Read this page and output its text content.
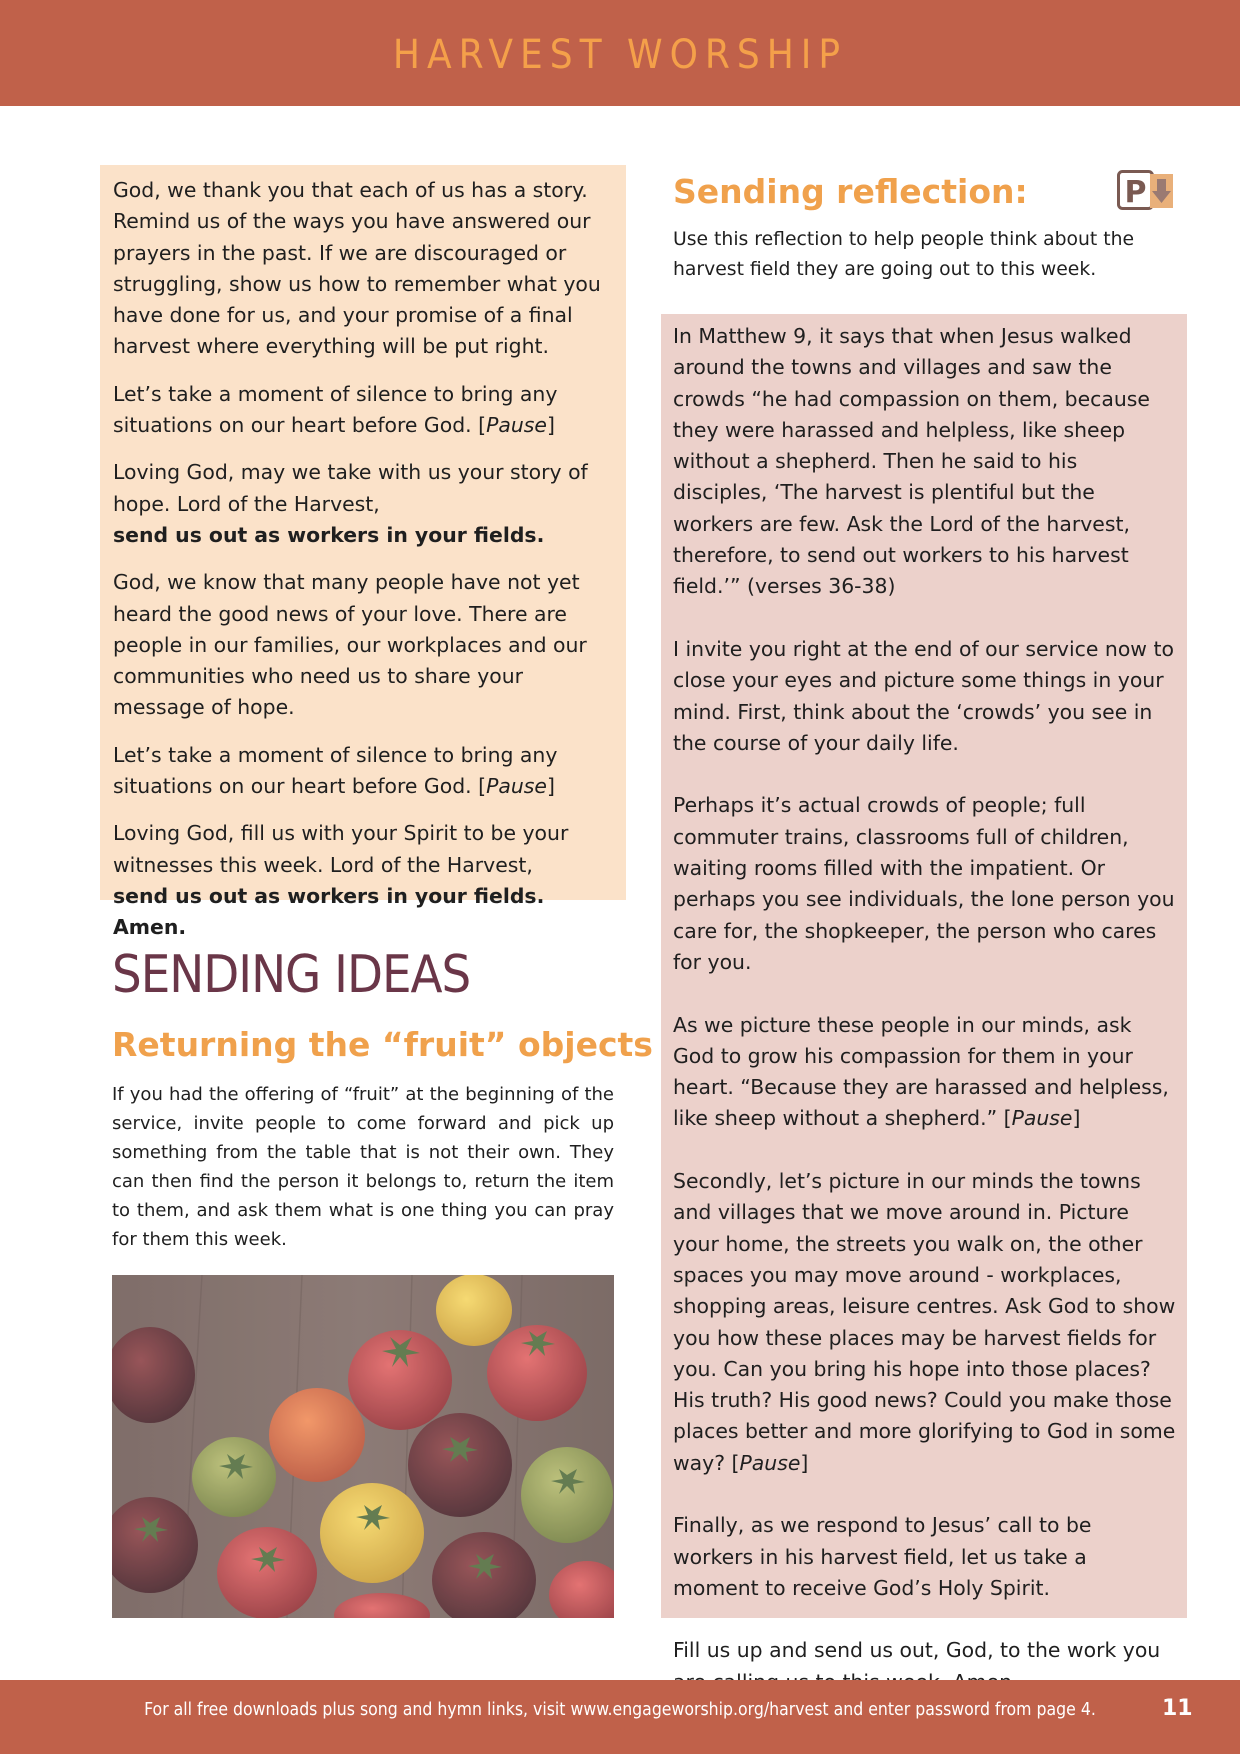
HARVEST WORSHIP

God, we thank you that each of us has a story. Remind us of the ways you have answered our prayers in the past. If we are discouraged or struggling, show us how to remember what you have done for us, and your promise of a final harvest where everything will be put right.

Let’s take a moment of silence to bring any situations on our heart before God. [Pause]

Loving God, may we take with us your story of hope. Lord of the Harvest,
send us out as workers in your fields.

God, we know that many people have not yet heard the good news of your love. There are people in our families, our workplaces and our communities who need us to share your message of hope.

Let’s take a moment of silence to bring any situations on our heart before God. [Pause]

Loving God, fill us with your Spirit to be your witnesses this week. Lord of the Harvest,
send us out as workers in your fields. Amen.

SENDING IDEAS
Returning the “fruit” objects

If you had the offering of “fruit” at the beginning of the service, invite people to come forward and pick up something from the table that is not their own. They can then find the person it belongs to, return the item to them, and ask them what is one thing you can pray for them this week.

Sending reflection:	P

Use this reflection to help people think about the harvest field they are going out to this week.

In Matthew 9, it says that when Jesus walked around the towns and villages and saw the crowds “he had compassion on them, because they were harassed and helpless, like sheep without a shepherd. Then he said to his disciples, ‘The harvest is plentiful but the workers are few. Ask the Lord of the harvest, therefore, to send out workers to his harvest field.’” (verses 36-38)

I invite you right at the end of our service now to close your eyes and picture some things in your mind. First, think about the ‘crowds’ you see in the course of your daily life.

Perhaps it’s actual crowds of people; full commuter trains, classrooms full of children, waiting rooms filled with the impatient. Or perhaps you see individuals, the lone person you care for, the shopkeeper, the person who cares for you.

As we picture these people in our minds, ask God to grow his compassion for them in your heart. “Because they are harassed and helpless, like sheep without a shepherd.” [Pause]

Secondly, let’s picture in our minds the towns and villages that we move around in. Picture your home, the streets you walk on, the other spaces you may move around - workplaces, shopping areas, leisure centres. Ask God to show you how these places may be harvest fields for you. Can you bring his hope into those places? His truth? His good news? Could you make those places better and more glorifying to God in some way? [Pause]

Finally, as we respond to Jesus’ call to be workers in his harvest field, let us take a moment to receive God’s Holy Spirit.

Fill us up and send us out, God, to the work you

For all free downloads plus song and hymn links, visit www.engageworship.org/harvest and enter password from page 4.	11
